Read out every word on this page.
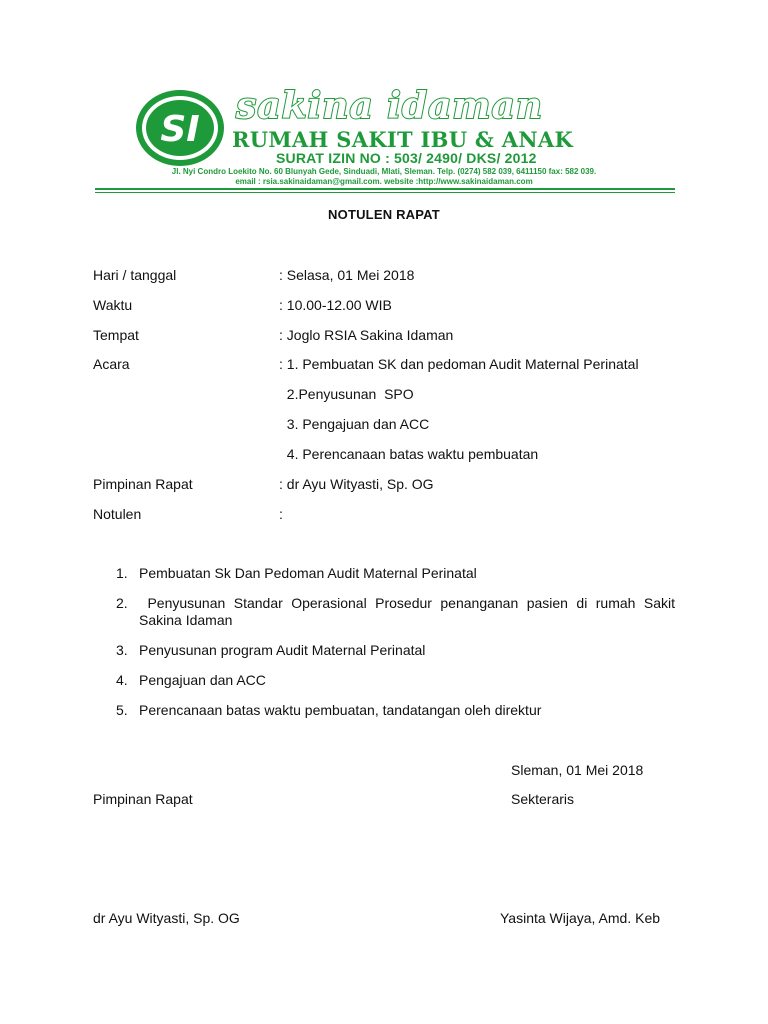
SI
sakina idaman
RUMAH SAKIT IBU & ANAK
SURAT IZIN NO : 503/ 2490/ DKS/ 2012
Jl. Nyi Condro Loekito No. 60 Blunyah Gede, Sinduadi, Mlati, Sleman. Telp. (0274) 582 039, 6411150 fax: 582 039.
email : rsia.sakinaidaman@gmail.com. website :http://www.sakinaidaman.com
NOTULEN RAPAT
Hari / tanggal	: Selasa, 01 Mei 2018
Waktu	: 10.00-12.00 WIB
Tempat	: Joglo RSIA Sakina Idaman
Acara	: 1. Pembuatan SK dan pedoman Audit Maternal Perinatal
2.Penyusunan  SPO
3. Pengajuan dan ACC
4. Perencanaan batas waktu pembuatan
Pimpinan Rapat	: dr Ayu Wityasti, Sp. OG
Notulen	:
1. Pembuatan Sk Dan Pedoman Audit Maternal Perinatal
2. Penyusunan Standar Operasional Prosedur penanganan pasien di rumah Sakit
Sakina Idaman
3. Penyusunan program Audit Maternal Perinatal
4. Pengajuan dan ACC
5. Perencanaan batas waktu pembuatan, tandatangan oleh direktur
Sleman, 01 Mei 2018
Pimpinan Rapat	Sekteraris
dr Ayu Wityasti, Sp. OG	Yasinta Wijaya, Amd. Keb
